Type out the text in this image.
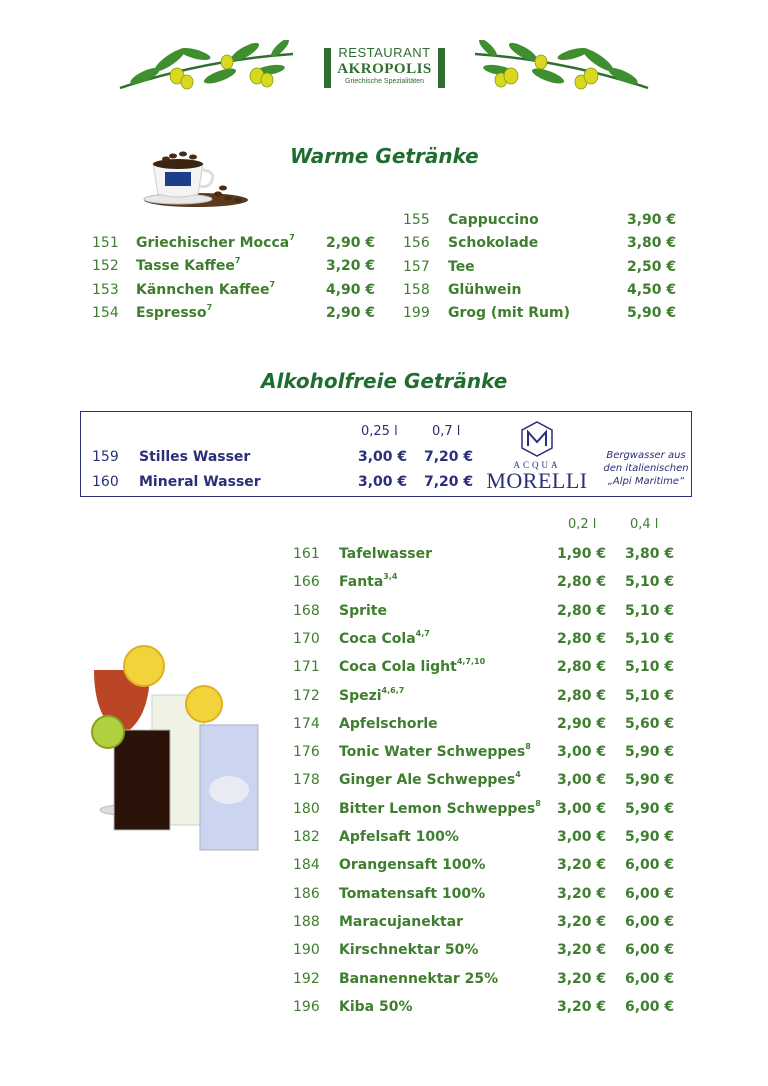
RESTAURANT
AKROPOLIS
Griechische Spezialitäten
Warme Getränke
151 Griechischer Mocca$^7$ 2,90 €
152 Tasse Kaffee$^7$	3,20 €
153 Kännchen Kaffee$^7$	4,90 €
154 Espresso$^7$	2,90 €
155 Cappuccino	3,90 €
156 Schokolade	3,80 €
157 Tee	2,50 €
158 Glühwein	4,50 €
199 Grog (mit Rum)	5,90 €
Alkoholfreie Getränke
0,25 l	0,7 l
159 Stilles Wasser	3,00 € 7,20 €
160 Mineral Wasser	3,00 € 7,20 €
ACQUA
MORELLI
Bergwasser aus
den italienischen
„Alpi Maritime“
0,2 l	0,4 l
161 Tafelwasser	1,90 € 3,80 €
166 Fanta$^{3,4}$	2,80 € 5,10 €
168 Sprite	2,80 € 5,10 €
170 Coca Cola$^{4,7}$	2,80 € 5,10 €
171 Coca Cola light$^{4,7,10}$	2,80 € 5,10 €
172 Spezi$^{4,6,7}$	2,80 € 5,10 €
174 Apfelschorle	2,90 € 5,60 €
176 Tonic Water Schweppes$^8$ 3,00 € 5,90 €
178 Ginger Ale Schweppes$^4$	3,00 € 5,90 €
180 Bitter Lemon Schweppes$^8$ 3,00 € 5,90 €
182 Apfelsaft 100%	3,00 € 5,90 €
184 Orangensaft 100%	3,20 € 6,00 €
186 Tomatensaft 100%	3,20 € 6,00 €
188 Maracujanektar	3,20 € 6,00 €
190 Kirschnektar 50%	3,20 € 6,00 €
192 Bananennektar 25%	3,20 € 6,00 €
196 Kiba 50%	3,20 € 6,00 €
